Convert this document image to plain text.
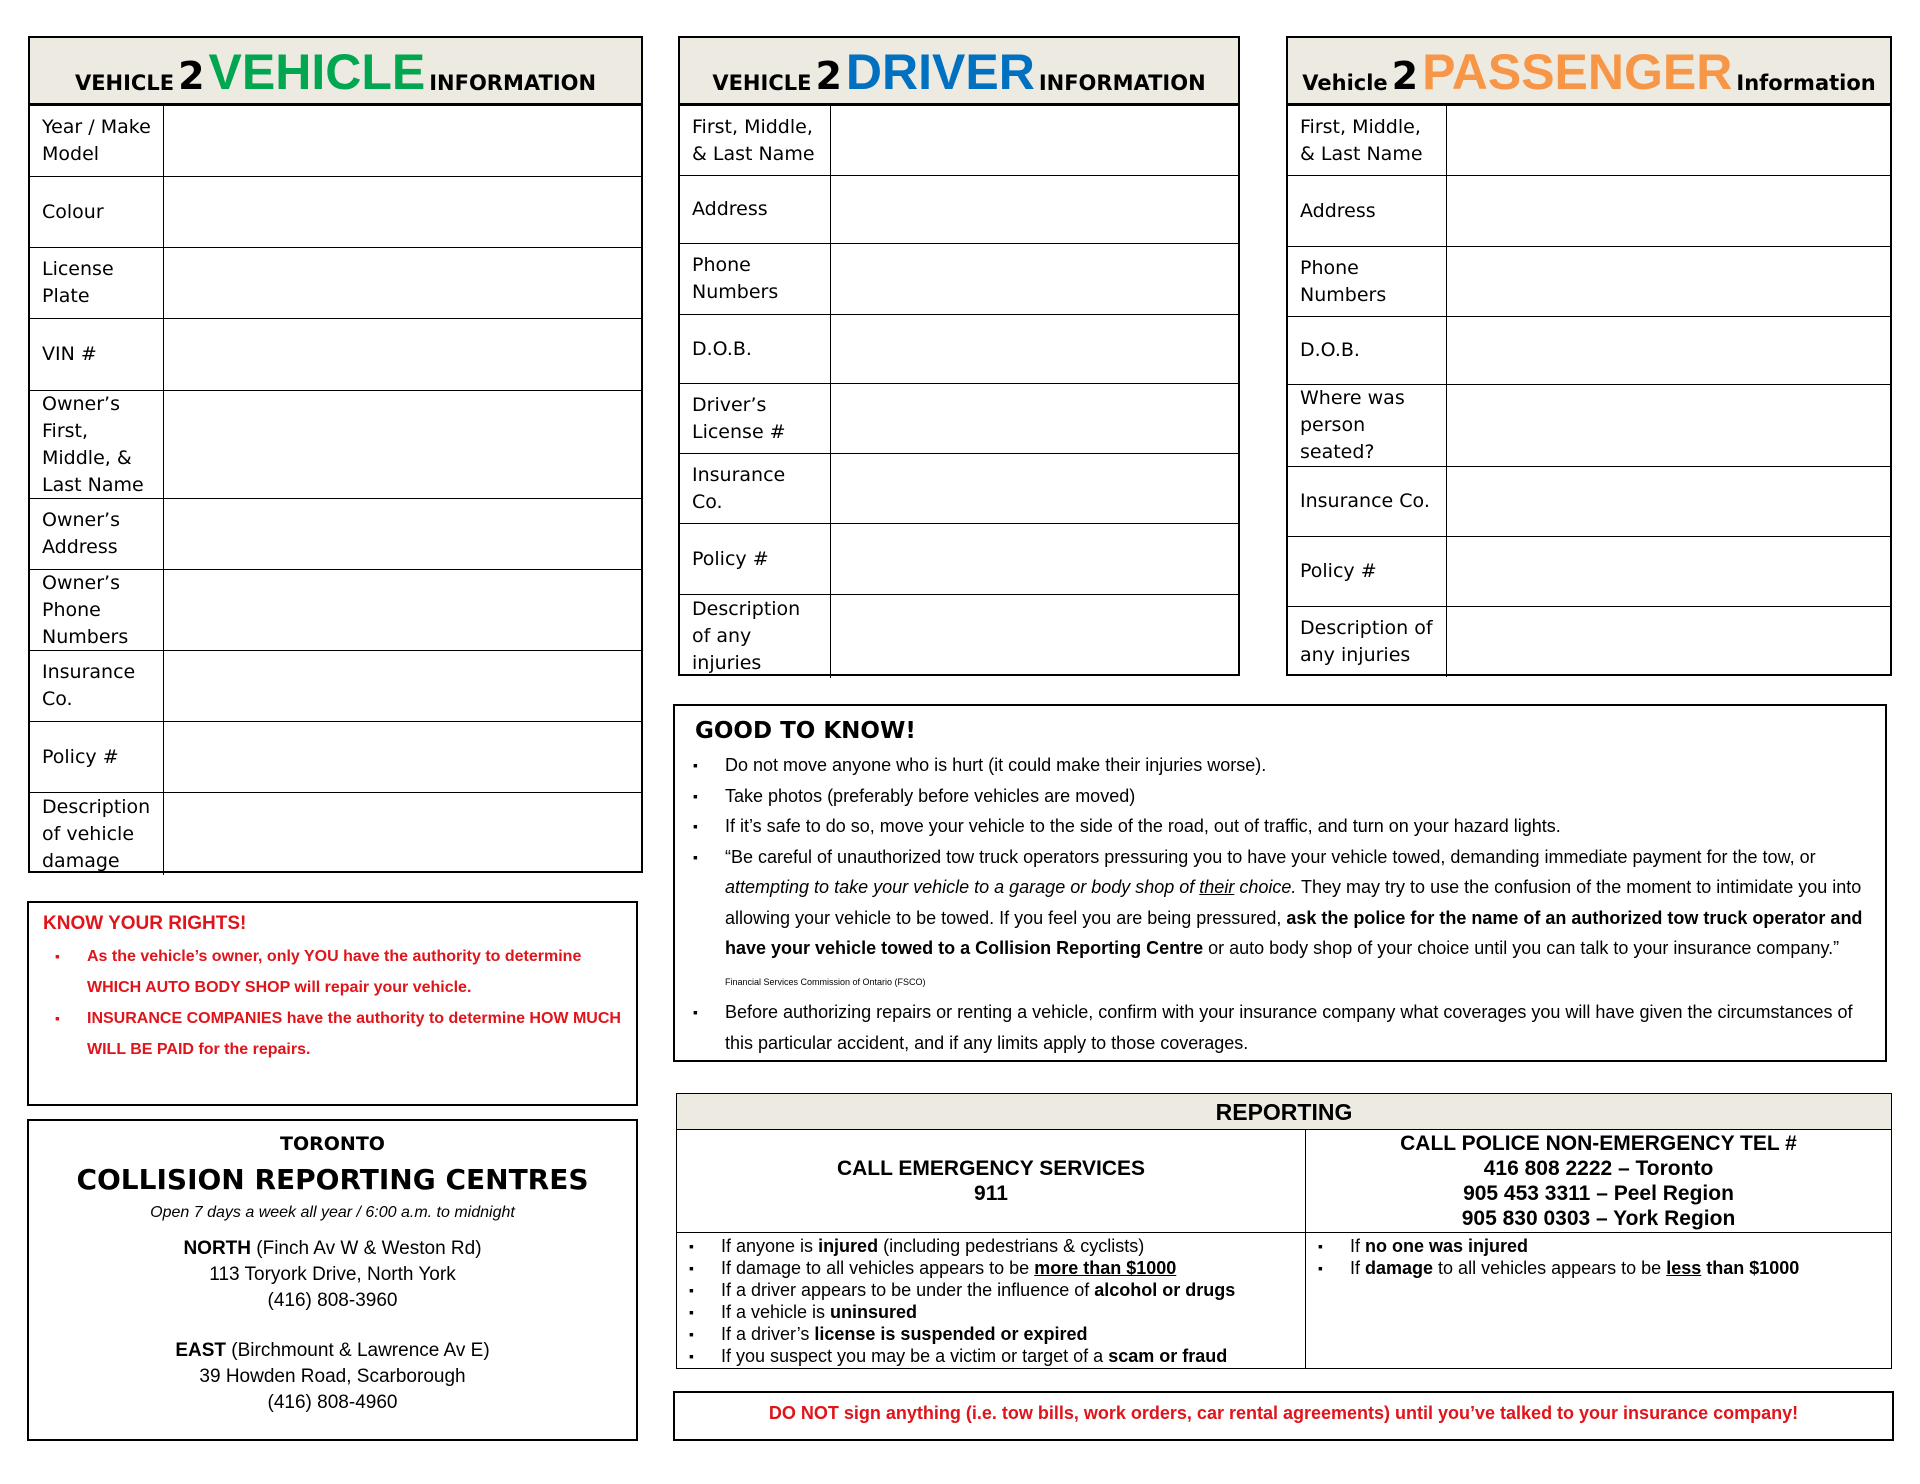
VEHICLE 2 VEHICLE INFORMATION
Year / Make Model
Colour
License Plate
VIN #
Owner’s First, Middle, & Last Name
Owner’s Address
Owner’s Phone Numbers
Insurance Co.
Policy #
Description of vehicle damage
VEHICLE 2 DRIVER INFORMATION
First, Middle, & Last Name
Address
Phone Numbers
D.O.B.
Driver’s License #
Insurance Co.
Policy #
Description of any injuries
Vehicle 2 PASSENGER Information
First, Middle, & Last Name
Address
Phone Numbers
D.O.B.
Where was person seated?
Insurance Co.
Policy #
Description of any injuries
KNOW YOUR RIGHTS!
▪ As the vehicle’s owner, only YOU have the authority to determine WHICH AUTO BODY SHOP will repair your vehicle.
▪ INSURANCE COMPANIES have the authority to determine HOW MUCH WILL BE PAID for the repairs.
TORONTO
COLLISION REPORTING CENTRES
Open 7 days a week all year / 6:00 a.m. to midnight
NORTH (Finch Av W & Weston Rd)
113 Toryork Drive, North York
(416) 808-3960
EAST (Birchmount & Lawrence Av E)
39 Howden Road, Scarborough
(416) 808-4960
GOOD TO KNOW!
▪ Do not move anyone who is hurt (it could make their injuries worse).
▪ Take photos (preferably before vehicles are moved)
▪ If it’s safe to do so, move your vehicle to the side of the road, out of traffic, and turn on your hazard lights.
▪ “Be careful of unauthorized tow truck operators pressuring you to have your vehicle towed, demanding immediate payment for the tow, or attempting to take your vehicle to a garage or body shop of their choice. They may try to use the confusion of the moment to intimidate you into allowing your vehicle to be towed. If you feel you are being pressured, ask the police for the name of an authorized tow truck operator and have your vehicle towed to a Collision Reporting Centre or auto body shop of your choice until you can talk to your insurance company.” Financial Services Commission of Ontario (FSCO)
▪ Before authorizing repairs or renting a vehicle, confirm with your insurance company what coverages you will have given the circumstances of this particular accident, and if any limits apply to those coverages.
REPORTING
CALL EMERGENCY SERVICES
911
CALL POLICE NON-EMERGENCY TEL #
416 808 2222 – Toronto
905 453 3311 – Peel Region
905 830 0303 – York Region
▪ If anyone is injured (including pedestrians & cyclists)
▪ If damage to all vehicles appears to be more than $1000
▪ If a driver appears to be under the influence of alcohol or drugs
▪ If a vehicle is uninsured
▪ If a driver’s license is suspended or expired
▪ If you suspect you may be a victim or target of a scam or fraud
▪ If no one was injured
▪ If damage to all vehicles appears to be less than $1000
DO NOT sign anything (i.e. tow bills, work orders, car rental agreements) until you’ve talked to your insurance company!
